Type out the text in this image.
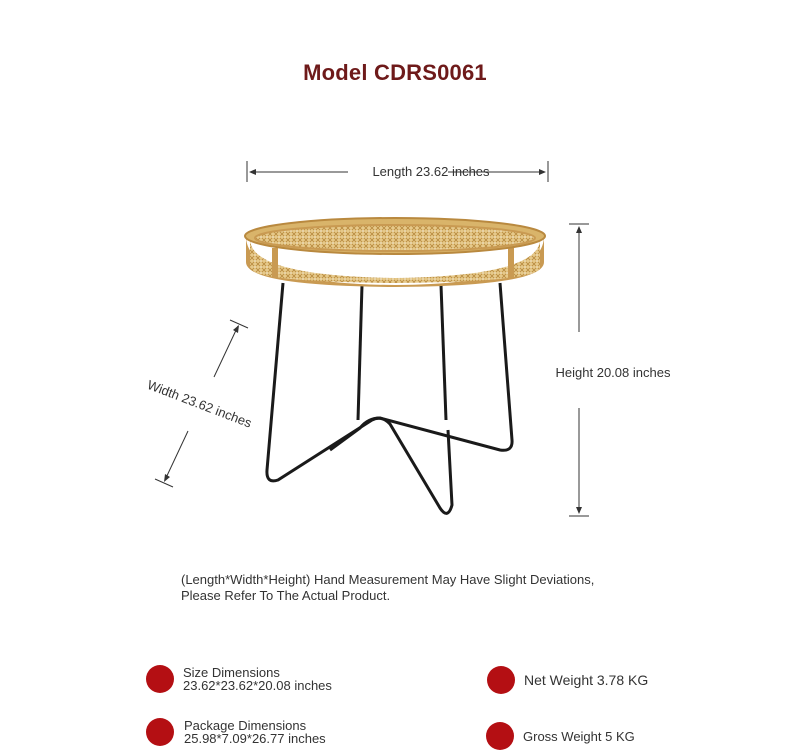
Model CDRS0061
Length 23.62 inches
Height 20.08 inches
Width 23.62 inches
(Length*Width*Height) Hand Measurement May Have Slight Deviations, Please Refer To The Actual Product.
Size Dimensions
23.62*23.62*20.08 inches
Package Dimensions
25.98*7.09*26.77 inches
Net Weight 3.78 KG
Gross Weight 5 KG
